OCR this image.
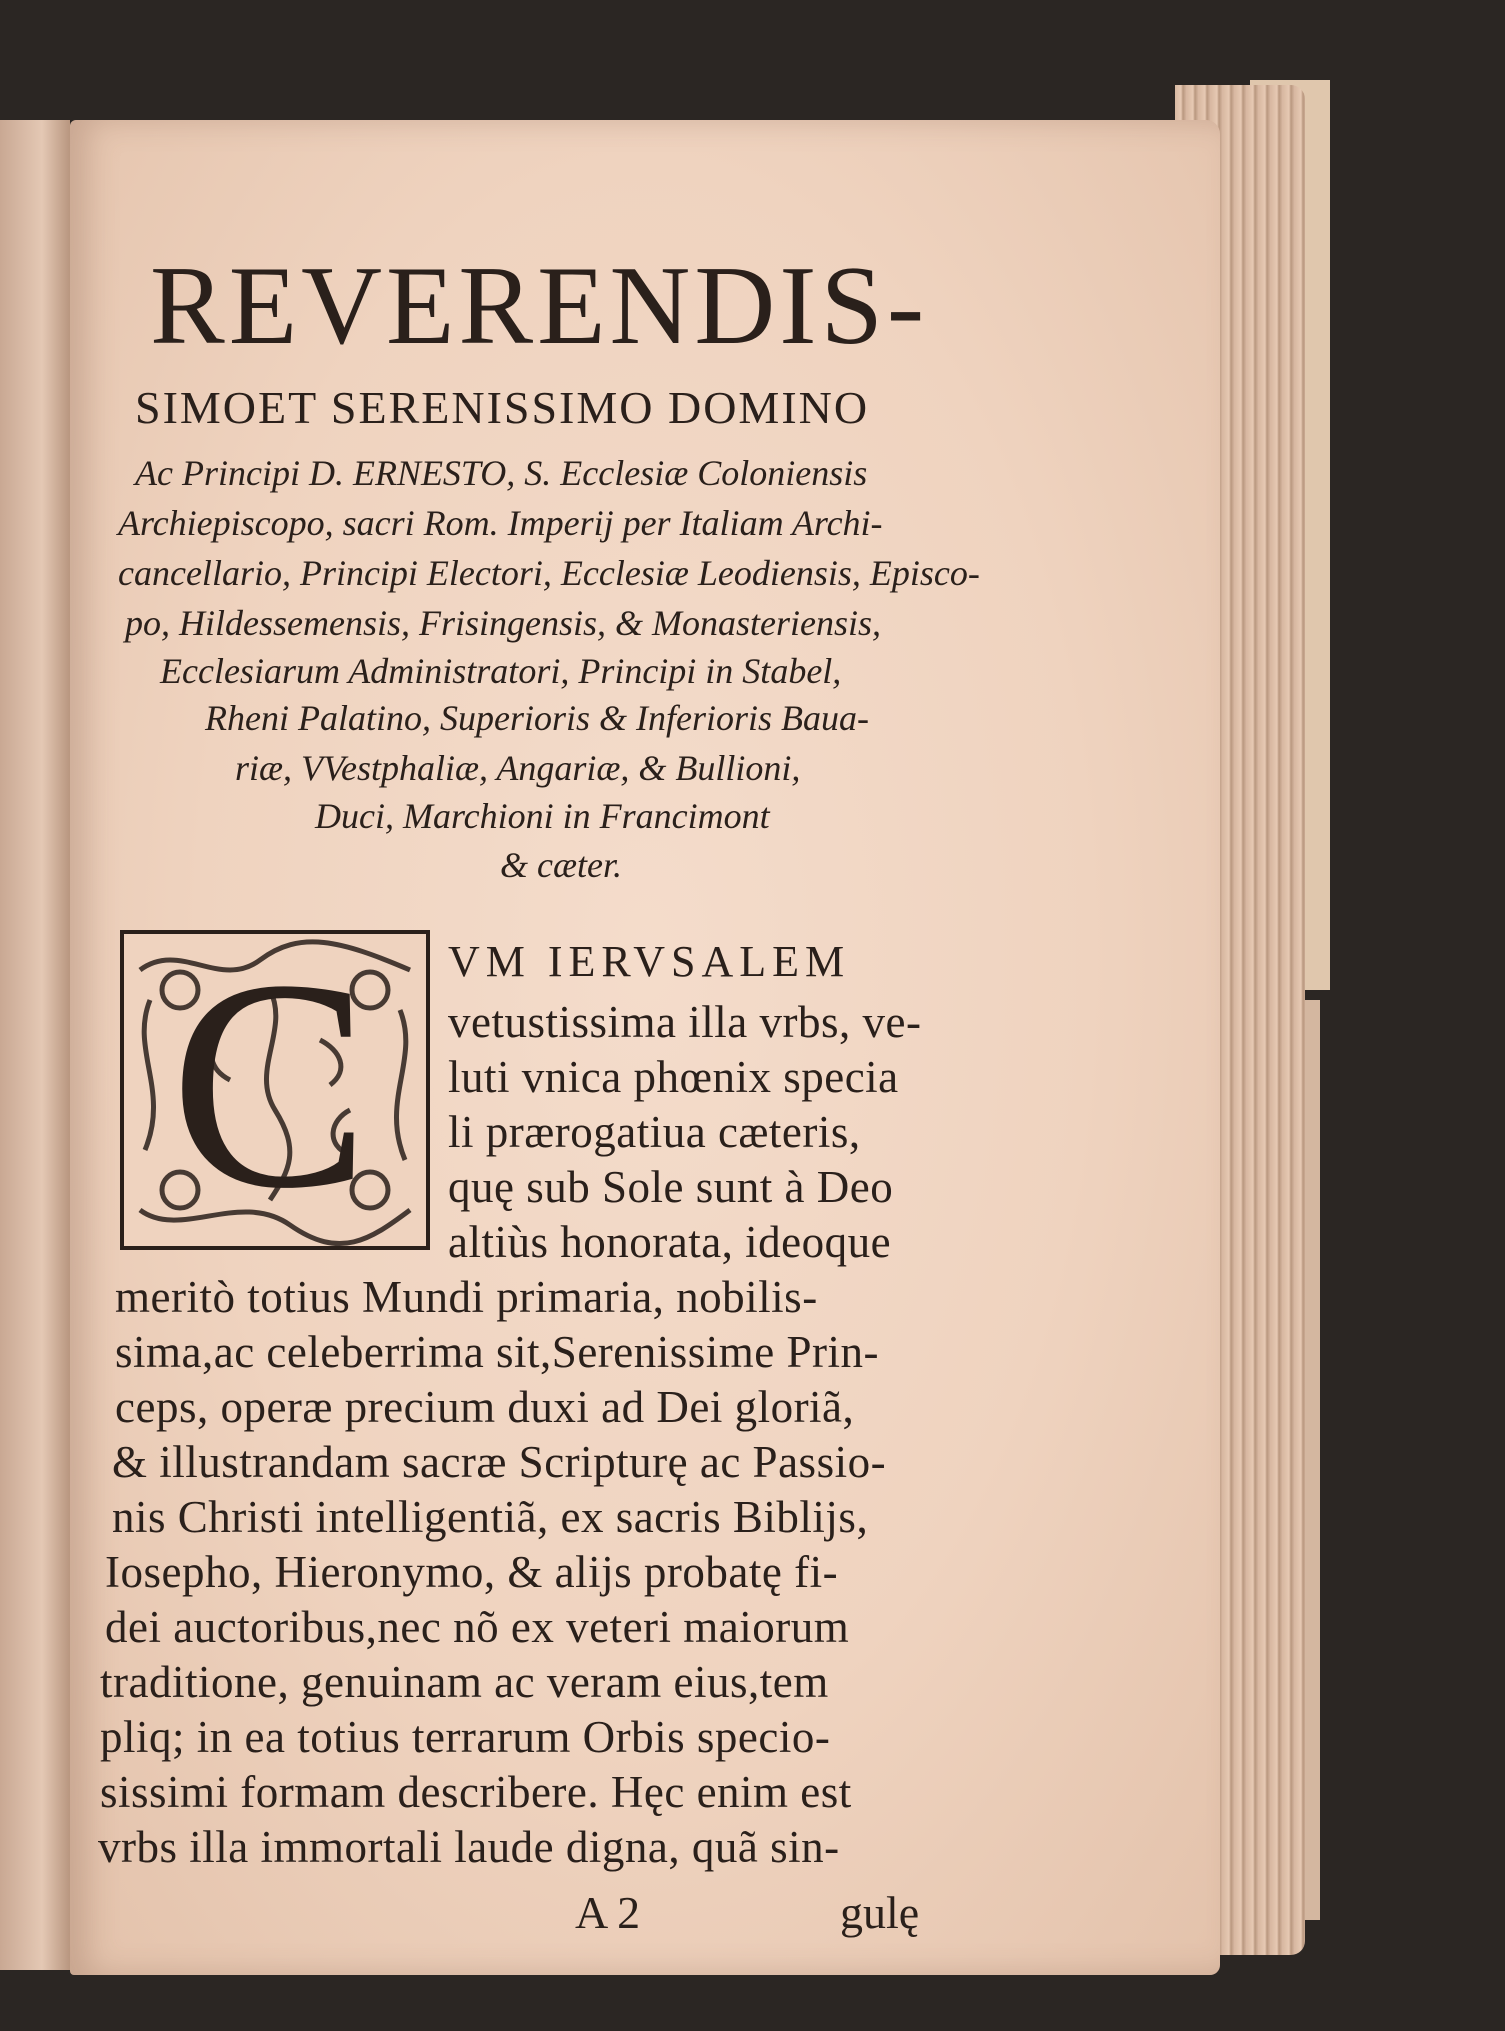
REVERENDIS-
SIMOET SERENISSIMO DOMINO
Ac Principi D. ERNESTO, S. Ecclesiæ Coloniensis
Archiepiscopo, sacri Rom. Imperij per Italiam Archi-
cancellario, Principi Electori, Ecclesiæ Leodiensis, Episco-
po, Hildessemensis, Frisingensis, & Monasteriensis,
Ecclesiarum Administratori, Principi in Stabel,
Rheni Palatino, Superioris & Inferioris Baua-
riæ, VVestphaliæ, Angariæ, & Bullioni,
Duci, Marchioni in Francimont
& cæter.
C VM IERVSALEM
vetustissima illa vrbs, ve-
luti vnica phœnix specia
li prærogatiua cæteris,
quę sub Sole sunt à Deo
altiùs honorata, ideoque
meritò totius Mundi primaria, nobilis-
sima,ac celeberrima sit,Serenissime Prin-
ceps, operæ precium duxi ad Dei gloriã,
& illustrandam sacræ Scripturę ac Passio-
nis Christi intelligentiã, ex sacris Biblijs,
Iosepho, Hieronymo, & alijs probatę fi-
dei auctoribus,nec nõ ex veteri maiorum
traditione, genuinam ac veram eius,tem
pliq; in ea totius terrarum Orbis specio-
sissimi formam describere. Hęc enim est
vrbs illa immortali laude digna, quã sin-
A 2	gulę
